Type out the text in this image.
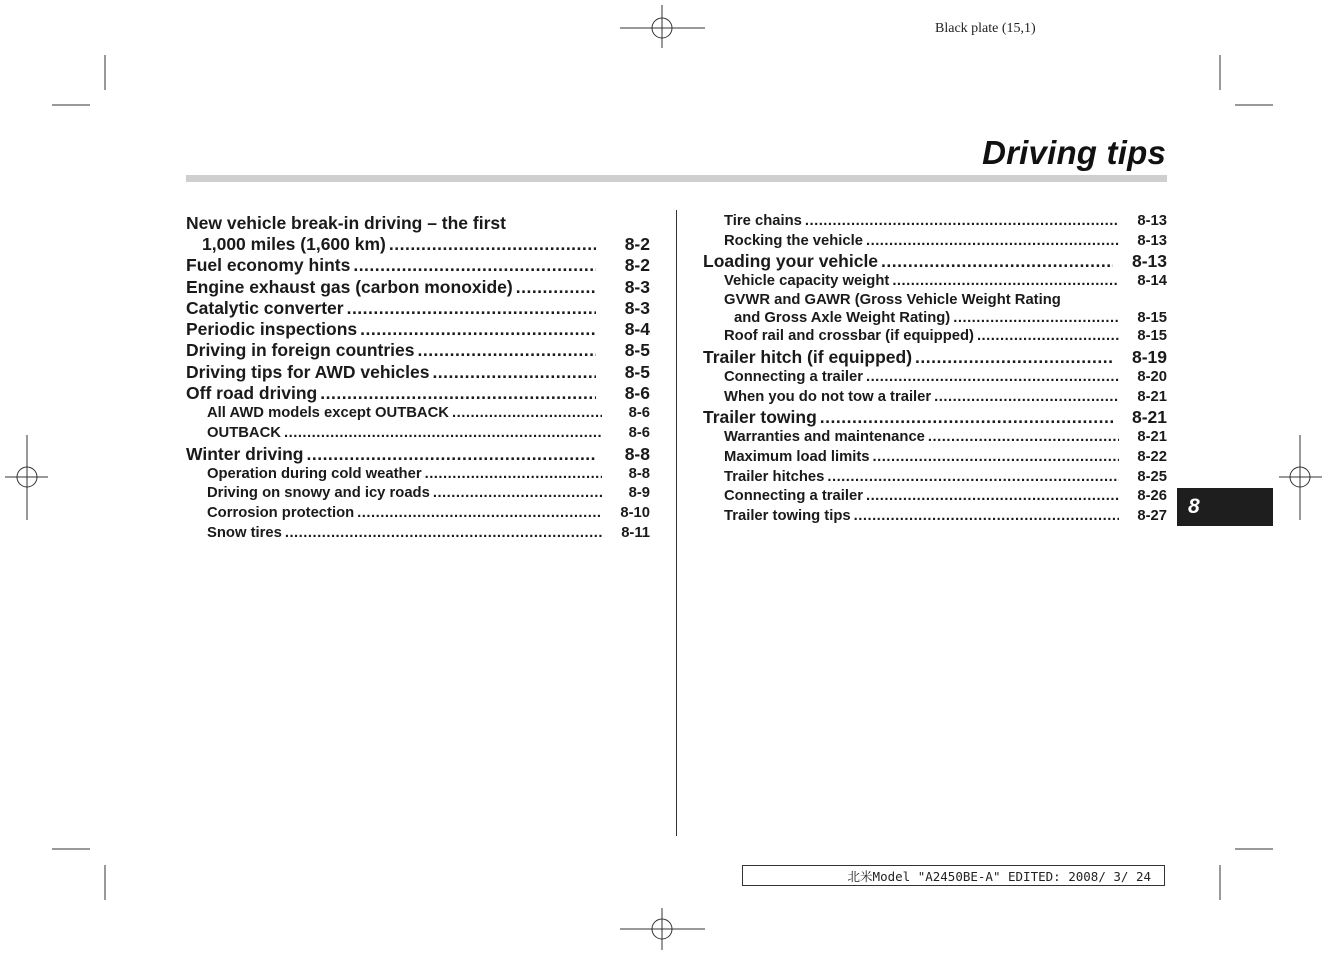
Black plate (15,1)
Driving tips
New vehicle break-in driving – the first
1,000 miles (1,600 km) .....	8-2
Fuel economy hints .....	8-2
Engine exhaust gas (carbon monoxide) .....	8-3
Catalytic converter .....	8-3
Periodic inspections .....	8-4
Driving in foreign countries .....	8-5
Driving tips for AWD vehicles .....	8-5
Off road driving .....	8-6
All AWD models except OUTBACK .....	8-6
OUTBACK .....	8-6
Winter driving .....	8-8
Operation during cold weather .....	8-8
Driving on snowy and icy roads .....	8-9
Corrosion protection .....	8-10
Snow tires .....	8-11
Tire chains .....	8-13
Rocking the vehicle .....	8-13
Loading your vehicle .....	8-13
Vehicle capacity weight .....	8-14
GVWR and GAWR (Gross Vehicle Weight Rating
and Gross Axle Weight Rating) .....	8-15
Roof rail and crossbar (if equipped) .....	8-15
Trailer hitch (if equipped) .....	8-19
Connecting a trailer .....	8-20
When you do not tow a trailer .....	8-21
Trailer towing .....	8-21
Warranties and maintenance .....	8-21
Maximum load limits .....	8-22
Trailer hitches .....	8-25
Connecting a trailer .....	8-26
Trailer towing tips .....	8-27	8
北米Model "A2450BE-A" EDITED: 2008/ 3/ 24
